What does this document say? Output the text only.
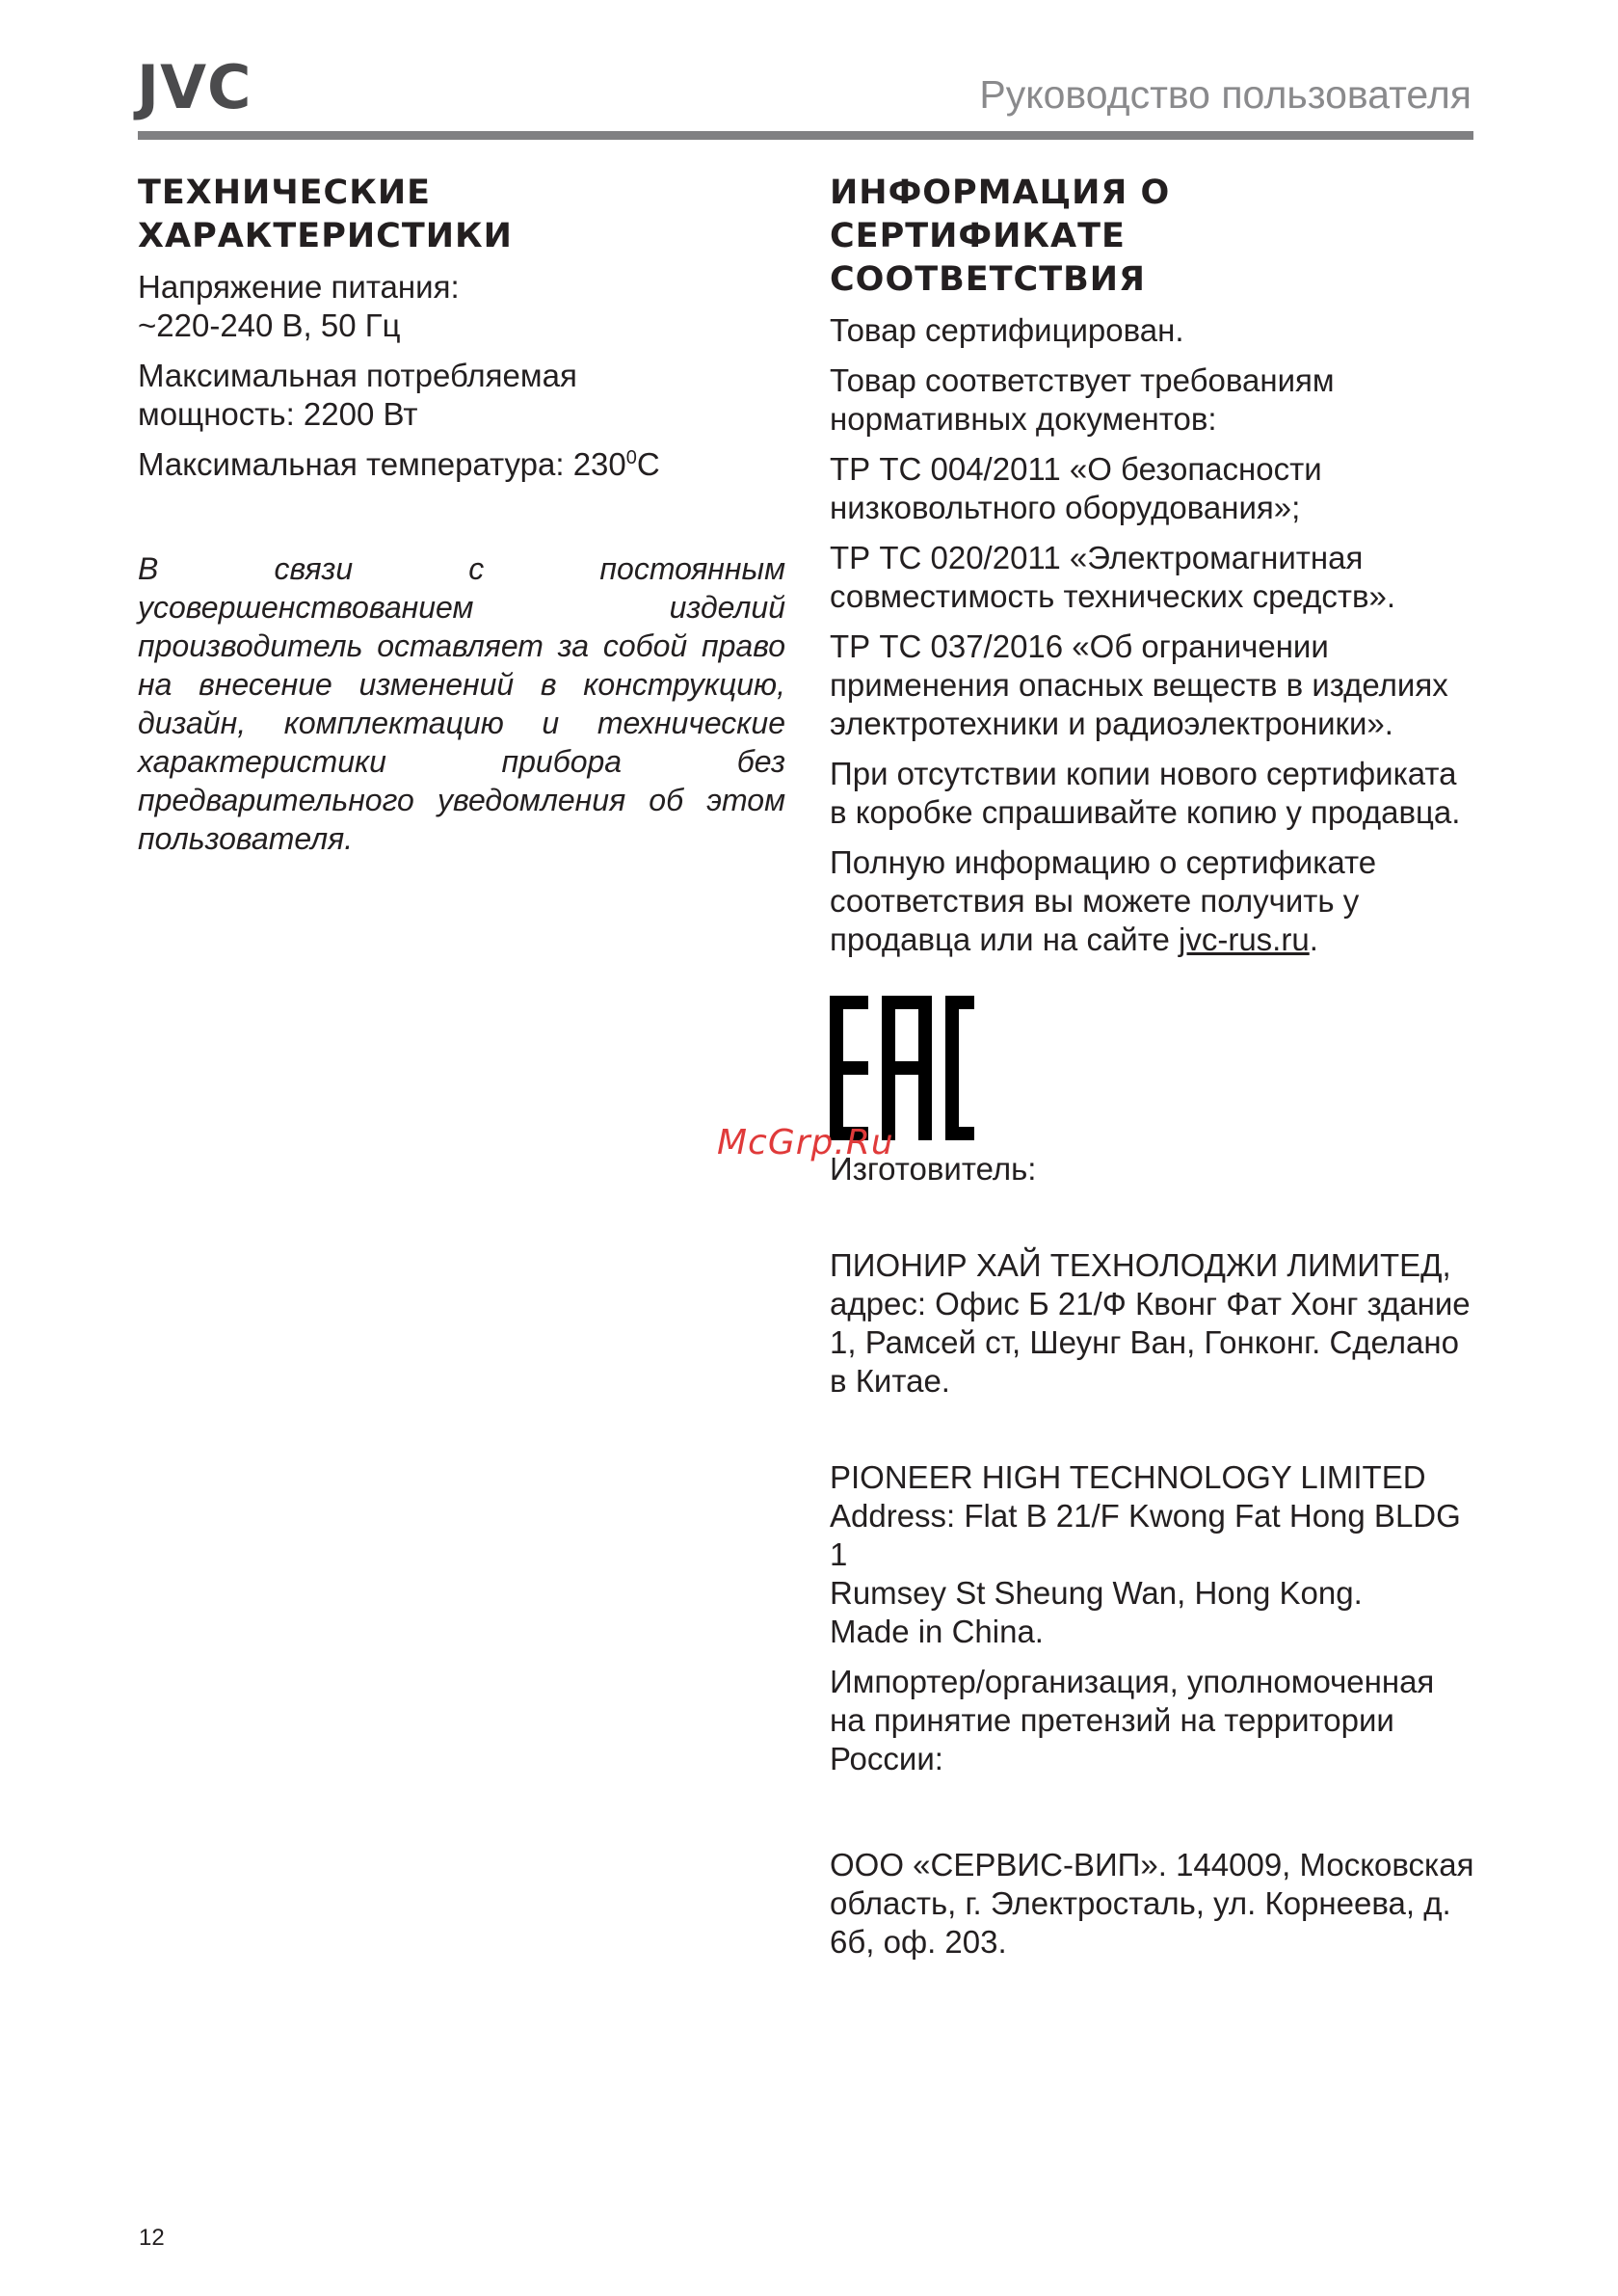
JVC	Руководство пользователя
ТЕХНИЧЕСКИЕ ХАРАКТЕРИСТИКИ

Напряжение питания:
~220-240 В, 50 Гц

Максимальная потребляемая
мощность: 2200 Вт

Максимальная температура: $230^0C$

В связи с постоянным усовершенствованием изделий производитель оставляет за собой право на внесение изменений в конструкцию, дизайн, комплектацию и технические характеристики прибора без предварительного уведомления об этом пользователя.

ИНФОРМАЦИЯ О СЕРТИФИКАТЕ
СООТВЕТСТВИЯ

Товар сертифицирован.

Товар соответствует требованиям нормативных документов:

ТР ТС 004/2011 «О безопасности низковольтного оборудования»;

ТР ТС 020/2011 «Электромагнитная совместимость технических средств».

ТР ТС 037/2016 «Об ограничении применения опасных веществ в изделиях электротехники и радиоэлектроники».

При отсутствии копии нового сертификата в коробке спрашивайте копию у продавца.

Полную информацию о сертификате соответствия вы можете получить у продавца или на сайте jvc-rus.ru.

Изготовитель:

ПИОНИР ХАЙ ТЕХНОЛОДЖИ ЛИМИТЕД, адрес: Офис Б 21/Ф Квонг Фат Хонг здание 1, Рамсей ст, Шеунг Ван, Гонконг. Сделано в Китае.

PIONEER HIGH TECHNOLOGY LIMITED
Address: Flat B 21/F Kwong Fat Hong BLDG 1
Rumsey St Sheung Wan, Hong Kong.
Made in China.

Импортер/организация, уполномоченная на принятие претензий на территории России:

ООО «СЕРВИС-ВИП». 144009, Московская область, г. Электросталь, ул. Корнеева, д. 6б, оф. 203.

McGrp.Ru
12
